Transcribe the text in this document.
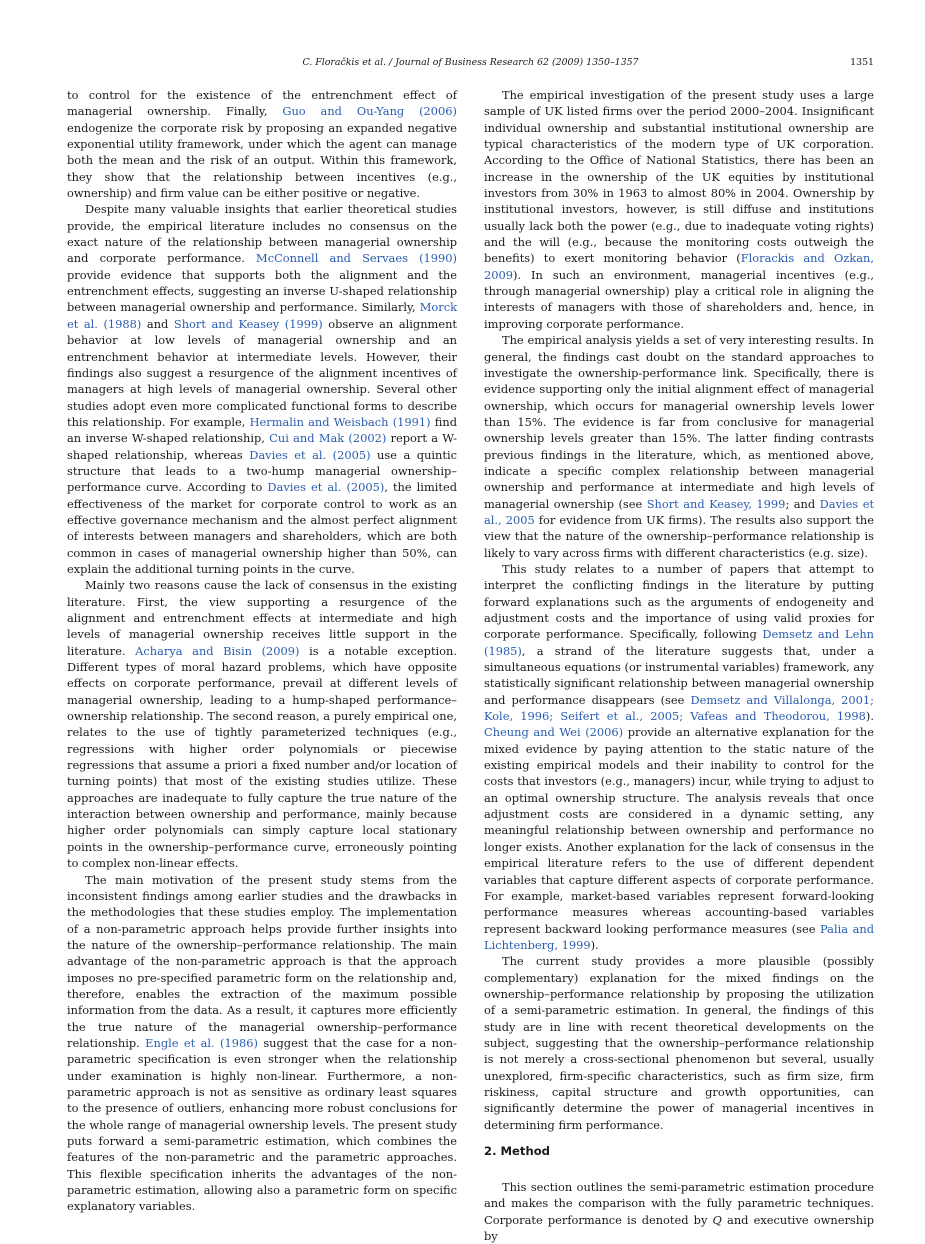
C. Floračkis et al. / Journal of Business Research 62 (2009) 1350–1357	1351

to control for the existence of the entrenchment effect of managerial ownership. Finally, Guo and Ou-Yang (2006) endogenize the corporate risk by proposing an expanded negative exponential utility framework, under which the agent can manage both the mean and the risk of an output. Within this framework, they show that the relationship between incentives (e.g., ownership) and firm value can be either positive or negative.

Despite many valuable insights that earlier theoretical studies provide, the empirical literature includes no consensus on the exact nature of the relationship between managerial ownership and corporate performance. McConnell and Servaes (1990) provide evidence that supports both the alignment and the entrenchment effects, suggesting an inverse U-shaped relationship between managerial ownership and performance. Similarly, Morck et al. (1988) and Short and Keasey (1999) observe an alignment behavior at low levels of managerial ownership and an entrenchment behavior at intermediate levels. However, their findings also suggest a resurgence of the alignment incentives of managers at high levels of managerial ownership. Several other studies adopt even more complicated functional forms to describe this relationship. For example, Hermalin and Weisbach (1991) find an inverse W-shaped relationship, Cui and Mak (2002) report a W-shaped relationship, whereas Davies et al. (2005) use a quintic structure that leads to a two-hump managerial ownership–performance curve. According to Davies et al. (2005), the limited effectiveness of the market for corporate control to work as an effective governance mechanism and the almost perfect alignment of interests between managers and shareholders, which are both common in cases of managerial ownership higher than 50%, can explain the additional turning points in the curve.

Mainly two reasons cause the lack of consensus in the existing literature. First, the view supporting a resurgence of the alignment and entrenchment effects at intermediate and high levels of managerial ownership receives little support in the literature. Acharya and Bisin (2009) is a notable exception. Different types of moral hazard problems, which have opposite effects on corporate performance, prevail at different levels of managerial ownership, leading to a hump-shaped performance–ownership relationship. The second reason, a purely empirical one, relates to the use of tightly parameterized techniques (e.g., regressions with higher order polynomials or piecewise regressions that assume a priori a fixed number and/or location of turning points) that most of the existing studies utilize. These approaches are inadequate to fully capture the true nature of the interaction between ownership and performance, mainly because higher order polynomials can simply capture local stationary points in the ownership–performance curve, erroneously pointing to complex non-linear effects.

The main motivation of the present study stems from the inconsistent findings among earlier studies and the drawbacks in the methodologies that these studies employ. The implementation of a non-parametric approach helps provide further insights into the nature of the ownership–performance relationship. The main advantage of the non-parametric approach is that the approach imposes no pre-specified parametric form on the relationship and, therefore, enables the extraction of the maximum possible information from the data. As a result, it captures more efficiently the true nature of the managerial ownership–performance relationship. Engle et al. (1986) suggest that the case for a non-parametric specification is even stronger when the relationship under examination is highly non-linear. Furthermore, a non-parametric approach is not as sensitive as ordinary least squares to the presence of outliers, enhancing more robust conclusions for the whole range of managerial ownership levels. The present study puts forward a semi-parametric estimation, which combines the features of the non-parametric and the parametric approaches. This flexible specification inherits the advantages of the non-parametric estimation, allowing also a parametric form on specific explanatory variables.

The empirical investigation of the present study uses a large sample of UK listed firms over the period 2000–2004. Insignificant individual ownership and substantial institutional ownership are typical characteristics of the modern type of UK corporation. According to the Office of National Statistics, there has been an increase in the ownership of the UK equities by institutional investors from 30% in 1963 to almost 80% in 2004. Ownership by institutional investors, however, is still diffuse and institutions usually lack both the power (e.g., due to inadequate voting rights) and the will (e.g., because the monitoring costs outweigh the benefits) to exert monitoring behavior (Florackis and Ozkan, 2009). In such an environment, managerial incentives (e.g., through managerial ownership) play a critical role in aligning the interests of managers with those of shareholders and, hence, in improving corporate performance.

The empirical analysis yields a set of very interesting results. In general, the findings cast doubt on the standard approaches to investigate the ownership-performance link. Specifically, there is evidence supporting only the initial alignment effect of managerial ownership, which occurs for managerial ownership levels lower than 15%. The evidence is far from conclusive for managerial ownership levels greater than 15%. The latter finding contrasts previous findings in the literature, which, as mentioned above, indicate a specific complex relationship between managerial ownership and performance at intermediate and high levels of managerial ownership (see Short and Keasey, 1999; and Davies et al., 2005 for evidence from UK firms). The results also support the view that the nature of the ownership–performance relationship is likely to vary across firms with different characteristics (e.g. size).

This study relates to a number of papers that attempt to interpret the conflicting findings in the literature by putting forward explanations such as the arguments of endogeneity and adjustment costs and the importance of using valid proxies for corporate performance. Specifically, following Demsetz and Lehn (1985), a strand of the literature suggests that, under a simultaneous equations (or instrumental variables) framework, any statistically significant relationship between managerial ownership and performance disappears (see Demsetz and Villalonga, 2001; Kole, 1996; Seifert et al., 2005; Vafeas and Theodorou, 1998). Cheung and Wei (2006) provide an alternative explanation for the mixed evidence by paying attention to the static nature of the existing empirical models and their inability to control for the costs that investors (e.g., managers) incur, while trying to adjust to an optimal ownership structure. The analysis reveals that once adjustment costs are considered in a dynamic setting, any meaningful relationship between ownership and performance no longer exists. Another explanation for the lack of consensus in the empirical literature refers to the use of different dependent variables that capture different aspects of corporate performance. For example, market-based variables represent forward-looking performance measures whereas accounting-based variables represent backward looking performance measures (see Palia and Lichtenberg, 1999).

The current study provides a more plausible (possibly complementary) explanation for the mixed findings on the ownership–performance relationship by proposing the utilization of a semi-parametric estimation. In general, the findings of this study are in line with recent theoretical developments on the subject, suggesting that the ownership–performance relationship is not merely a cross-sectional phenomenon but several, usually unexplored, firm-specific characteristics, such as firm size, firm riskiness, capital structure and growth opportunities, can significantly determine the power of managerial incentives in determining firm performance.

2. Method

This section outlines the semi-parametric estimation procedure and makes the comparison with the fully parametric techniques. Corporate performance is denoted by Q and executive ownership by
